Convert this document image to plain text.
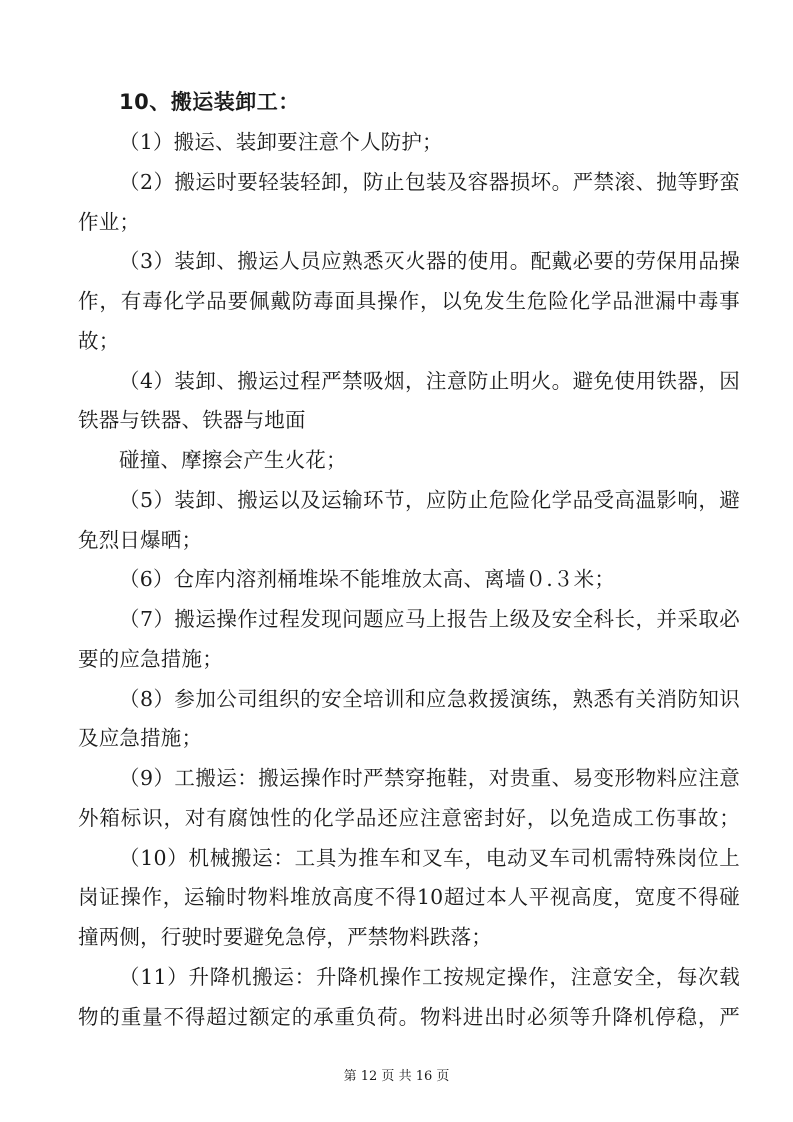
10、搬运装卸工：
（1）搬运、装卸要注意个人防护；
（2）搬运时要轻装轻卸，防止包装及容器损坏。严禁滚、抛等野蛮
作业；
（3）装卸、搬运人员应熟悉灭火器的使用。配戴必要的劳保用品操
作，有毒化学品要佩戴防毒面具操作，以免发生危险化学品泄漏中毒事
故；
（4）装卸、搬运过程严禁吸烟，注意防止明火。避免使用铁器，因
铁器与铁器、铁器与地面
碰撞、摩擦会产生火花；
（5）装卸、搬运以及运输环节，应防止危险化学品受高温影响，避
免烈日爆晒；
（6）仓库内溶剂桶堆垛不能堆放太高、离墙０.３米；
（7）搬运操作过程发现问题应马上报告上级及安全科长，并采取必
要的应急措施；
（8）参加公司组织的安全培训和应急救援演练，熟悉有关消防知识
及应急措施；
（9）工搬运：搬运操作时严禁穿拖鞋，对贵重、易变形物料应注意
外箱标识，对有腐蚀性的化学品还应注意密封好，以免造成工伤事故；
（10）机械搬运：工具为推车和叉车，电动叉车司机需特殊岗位上
岗证操作，运输时物料堆放高度不得10超过本人平视高度，宽度不得碰
撞两侧，行驶时要避免急停，严禁物料跌落；
（11）升降机搬运：升降机操作工按规定操作，注意安全，每次载
物的重量不得超过额定的承重负荷。物料进出时必须等升降机停稳，严
第 12 页 共 16 页
